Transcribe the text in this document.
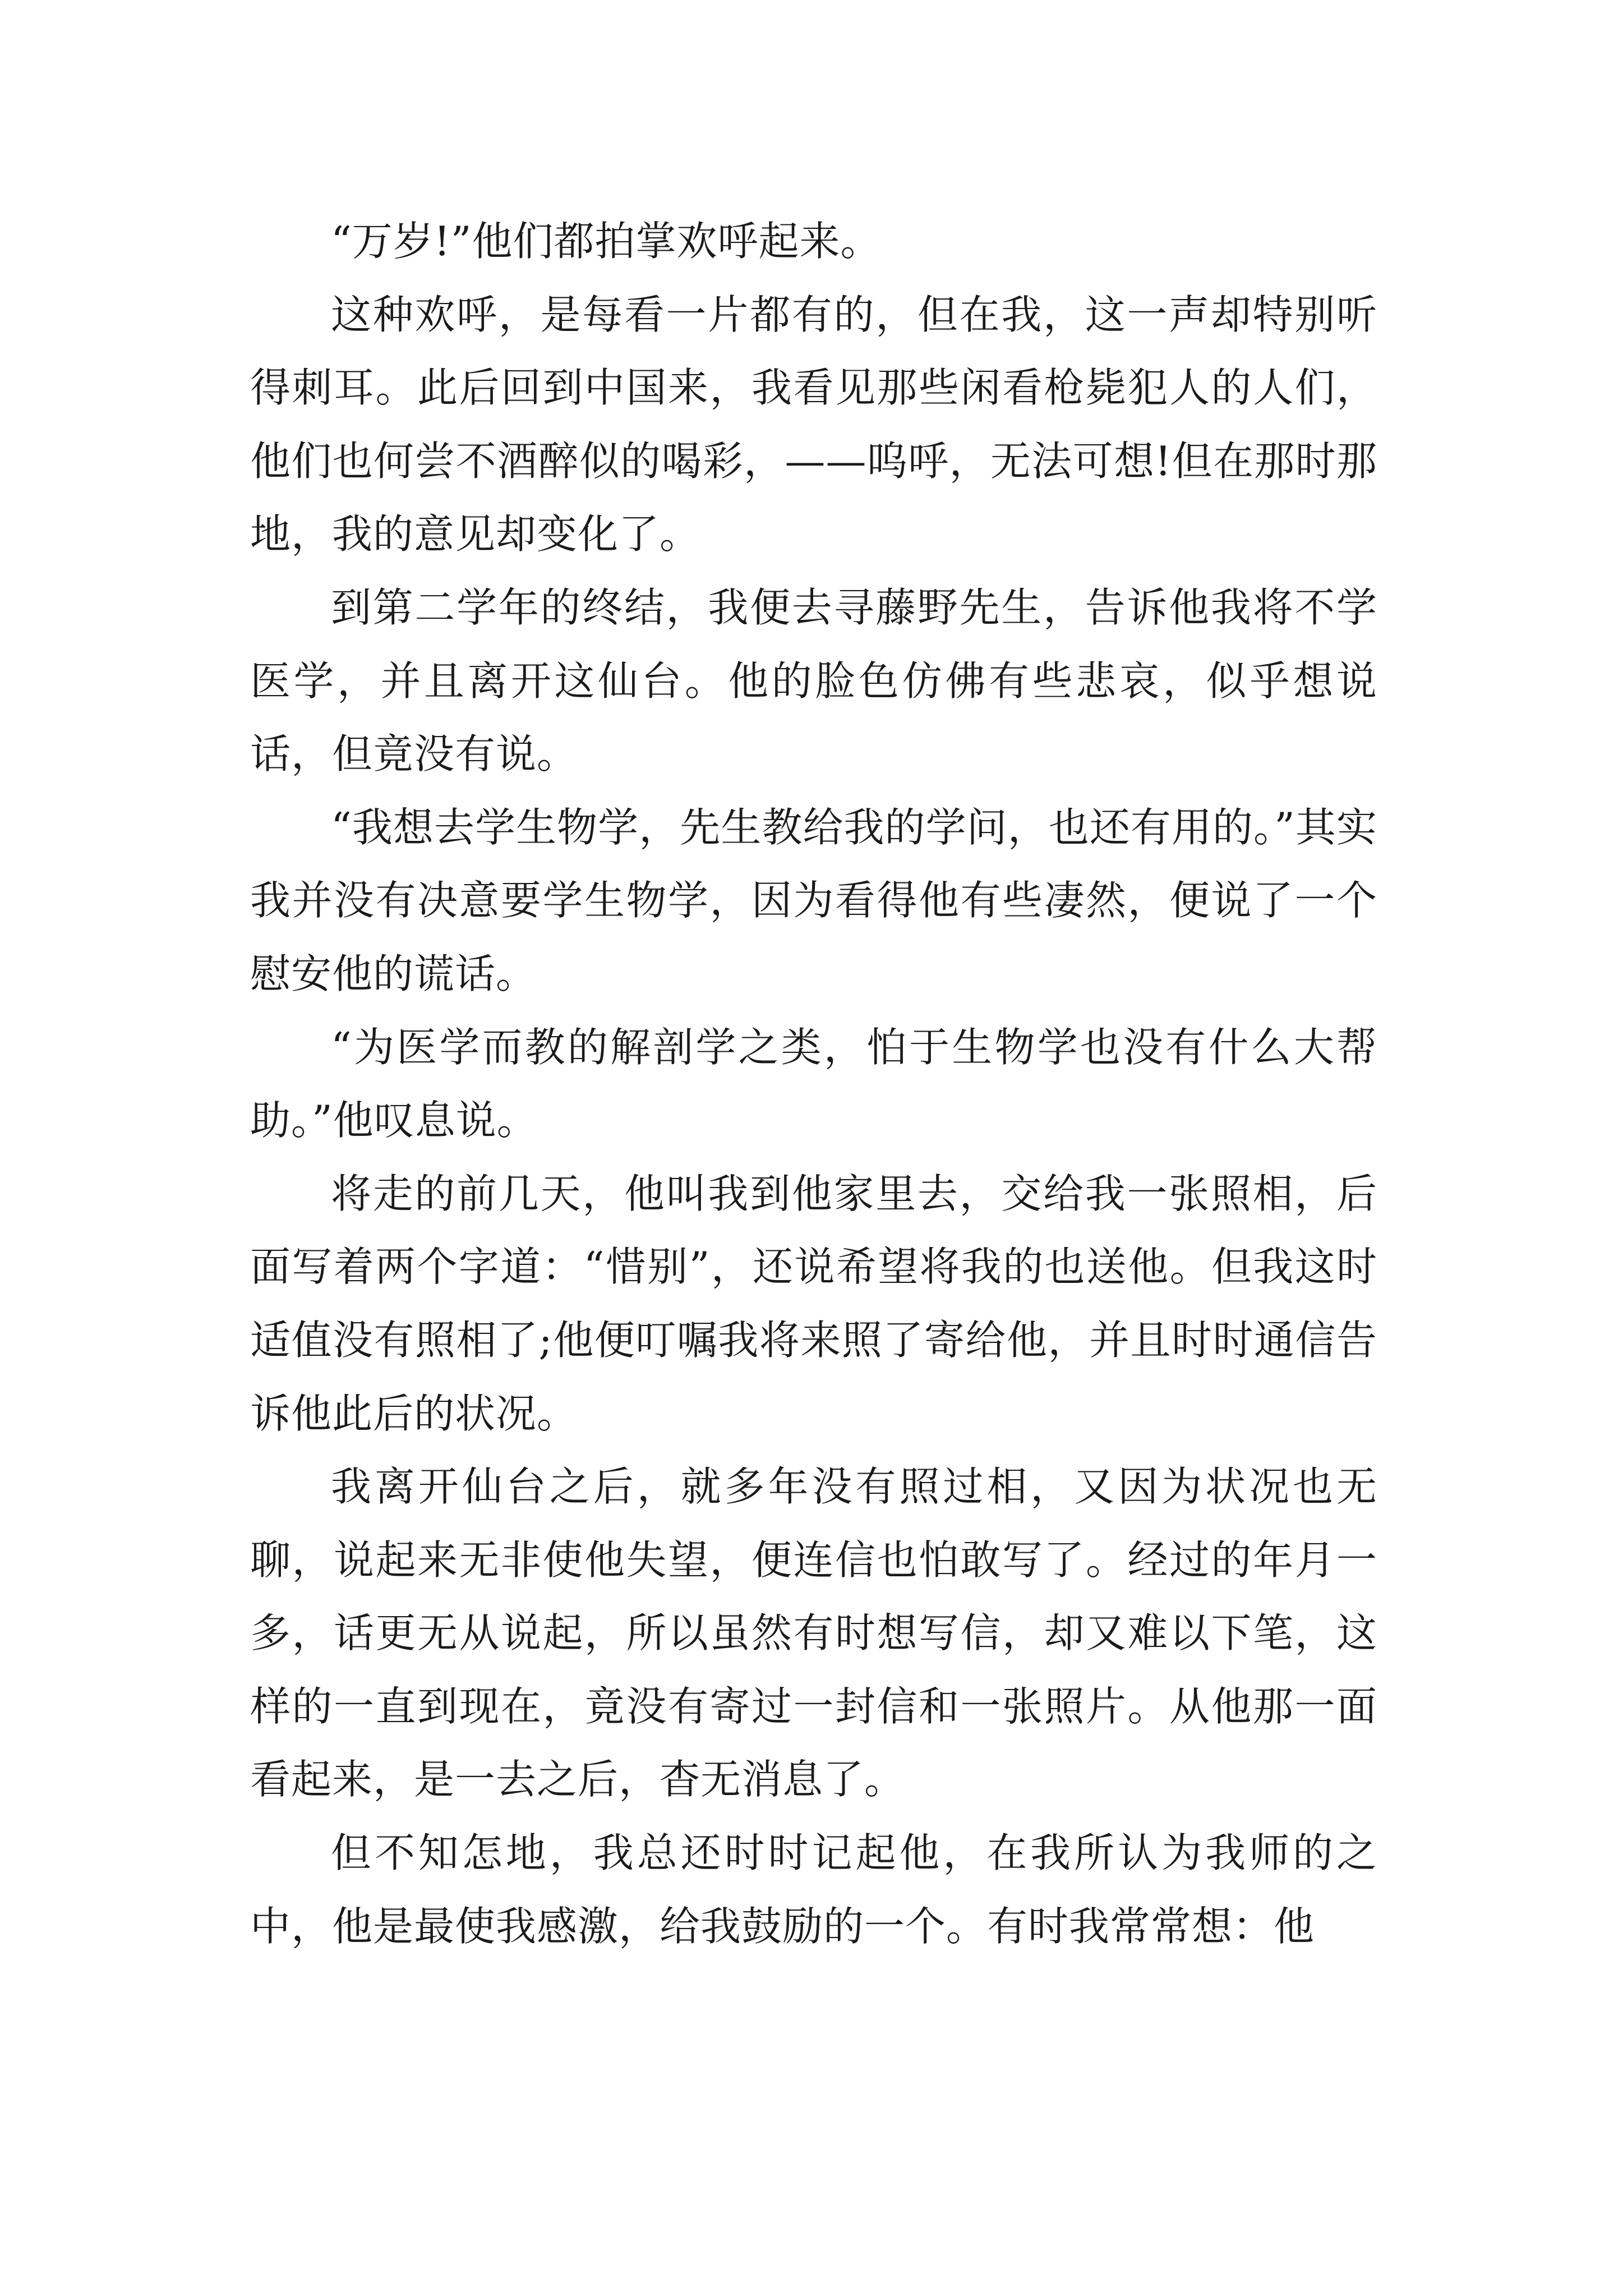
“万岁!”他们都拍掌欢呼起来。

这种欢呼，是每看一片都有的，但在我，这一声却特别听得刺耳。此后回到中国来，我看见那些闲看枪毙犯人的人们，他们也何尝不酒醉似的喝彩，——呜呼，无法可想!但在那时那地，我的意见却变化了。

到第二学年的终结，我便去寻藤野先生，告诉他我将不学医学，并且离开这仙台。他的脸色仿佛有些悲哀，似乎想说话，但竟没有说。

“我想去学生物学，先生教给我的学问，也还有用的。”其实我并没有决意要学生物学，因为看得他有些凄然，便说了一个慰安他的谎话。

“为医学而教的解剖学之类，怕于生物学也没有什么大帮助。”他叹息说。

将走的前几天，他叫我到他家里去，交给我一张照相，后面写着两个字道：“惜别”，还说希望将我的也送他。但我这时适值没有照相了;他便叮嘱我将来照了寄给他，并且时时通信告诉他此后的状况。

我离开仙台之后，就多年没有照过相，又因为状况也无聊，说起来无非使他失望，便连信也怕敢写了。经过的年月一多，话更无从说起，所以虽然有时想写信，却又难以下笔，这样的一直到现在，竟没有寄过一封信和一张照片。从他那一面看起来，是一去之后，杳无消息了。

但不知怎地，我总还时时记起他，在我所认为我师的之中，他是最使我感激，给我鼓励的一个。有时我常常想：他
